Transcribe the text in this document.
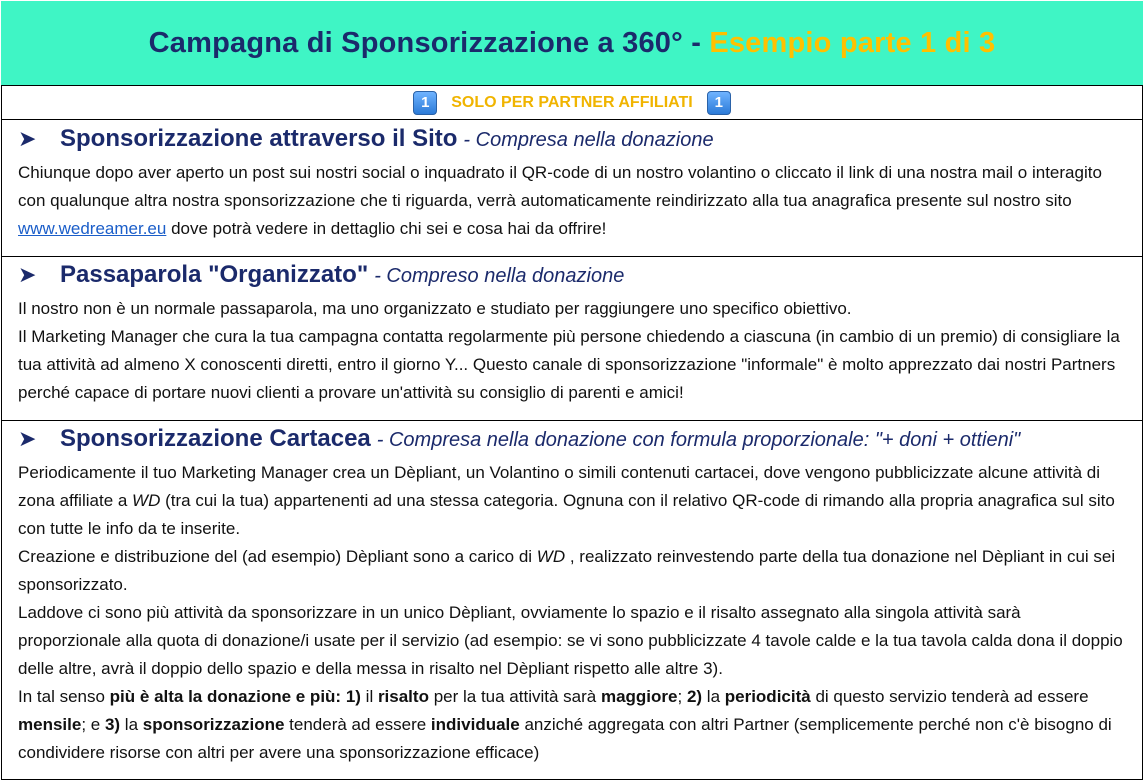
Campagna di Sponsorizzazione a 360° - Esempio parte 1 di 3
1	SOLO PER PARTNER AFFILIATI	1
➤ Sponsorizzazione attraverso il Sito - Compresa nella donazione

Chiunque dopo aver aperto un post sui nostri social o inquadrato il QR-code di un nostro volantino o cliccato il link di una nostra mail o interagito con qualunque altra nostra sponsorizzazione che ti riguarda, verrà automaticamente reindirizzato alla tua anagrafica presente sul nostro sito www.wedreamer.eu dove potrà vedere in dettaglio chi sei e cosa hai da offrire!

➤ Passaparola "Organizzato" - Compreso nella donazione

Il nostro non è un normale passaparola, ma uno organizzato e studiato per raggiungere uno specifico obiettivo.

Il Marketing Manager che cura la tua campagna contatta regolarmente più persone chiedendo a ciascuna (in cambio di un premio) di consigliare la tua attività ad almeno X conoscenti diretti, entro il giorno Y... Questo canale di sponsorizzazione "informale" è molto apprezzato dai nostri Partners perché capace di portare nuovi clienti a provare un'attività su consiglio di parenti e amici!

➤ Sponsorizzazione Cartacea - Compresa nella donazione con formula proporzionale: "+ doni + ottieni"

Periodicamente il tuo Marketing Manager crea un Dèpliant, un Volantino o simili contenuti cartacei, dove vengono pubblicizzate alcune attività di zona affiliate a WD (tra cui la tua) appartenenti ad una stessa categoria. Ognuna con il relativo QR-code di rimando alla propria anagrafica sul sito con tutte le info da te inserite.

Creazione e distribuzione del (ad esempio) Dèpliant sono a carico di WD , realizzato reinvestendo parte della tua donazione nel Dèpliant in cui sei sponsorizzato.

Laddove ci sono più attività da sponsorizzare in un unico Dèpliant, ovviamente lo spazio e il risalto assegnato alla singola attività sarà proporzionale alla quota di donazione/i usate per il servizio (ad esempio: se vi sono pubblicizzate 4 tavole calde e la tua tavola calda dona il doppio delle altre, avrà il doppio dello spazio e della messa in risalto nel Dèpliant rispetto alle altre 3).

In tal senso più è alta la donazione e più: 1) il risalto per la tua attività sarà maggiore; 2) la periodicità di questo servizio tenderà ad essere mensile; e 3) la sponsorizzazione tenderà ad essere individuale anziché aggregata con altri Partner (semplicemente perché non c'è bisogno di condividere risorse con altri per avere una sponsorizzazione efficace)
